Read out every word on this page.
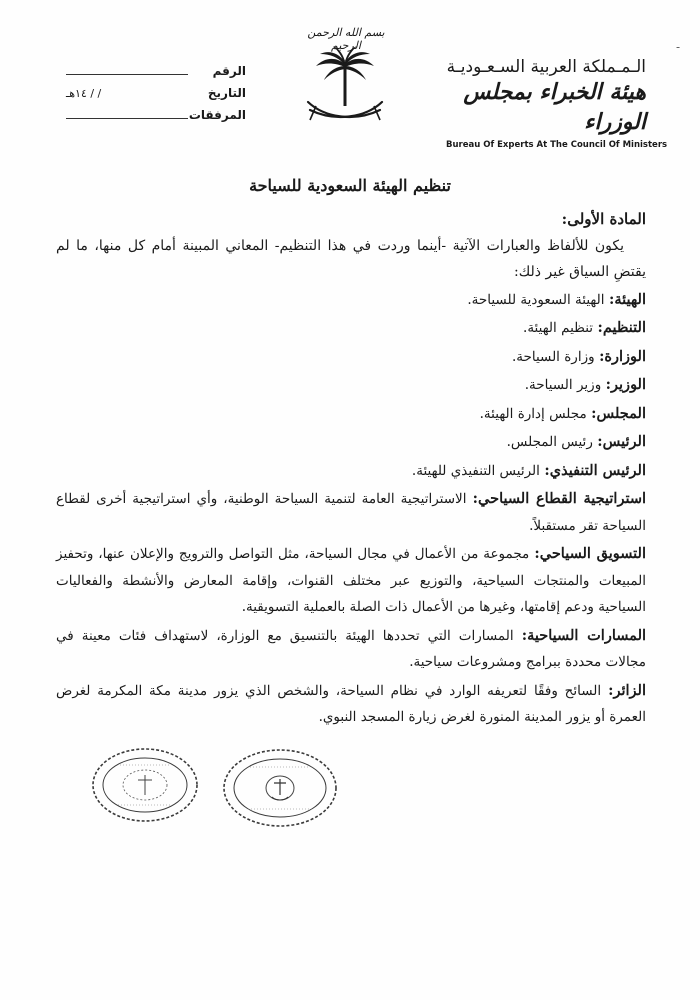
الـمـملكة العربية السـعـوديـة
هيئة الخبراء بمجلس الوزراء
Bureau Of Experts At The Council Of Ministers
بسم الله الرحمن الرحيم
الرقم
التاريخ
/ / ١٤هـ
المرفقات
-
تنظيم الهيئة السعودية للسياحة

المادة الأولى:

يكون للألفاظ والعبارات الآتية -أينما وردت في هذا التنظيم- المعاني المبينة أمام كل منها، ما لم يقتضِ السياق غير ذلك:

الهيئة: الهيئة السعودية للسياحة.

التنظيم: تنظيم الهيئة.

الوزارة: وزارة السياحة.

الوزير: وزير السياحة.

المجلس: مجلس إدارة الهيئة.

الرئيس: رئيس المجلس.

الرئيس التنفيذي: الرئيس التنفيذي للهيئة.

استراتيجية القطاع السياحي: الاستراتيجية العامة لتنمية السياحة الوطنية، وأي استراتيجية أخرى لقطاع السياحة تقر مستقبلاً.

التسويق السياحي: مجموعة من الأعمال في مجال السياحة، مثل التواصل والترويج والإعلان عنها، وتحفيز المبيعات والمنتجات السياحية، والتوزيع عبر مختلف القنوات، وإقامة المعارض والأنشطة والفعاليات السياحية ودعم إقامتها، وغيرها من الأعمال ذات الصلة بالعملية التسويقية.

المسارات السياحية: المسارات التي تحددها الهيئة بالتنسيق مع الوزارة، لاستهداف فئات معينة في مجالات محددة ببرامج ومشروعات سياحية.

الزائر: السائح وفقًا لتعريفه الوارد في نظام السياحة، والشخص الذي يزور مدينة مكة المكرمة لغرض العمرة أو يزور المدينة المنورة لغرض زيارة المسجد النبوي.
